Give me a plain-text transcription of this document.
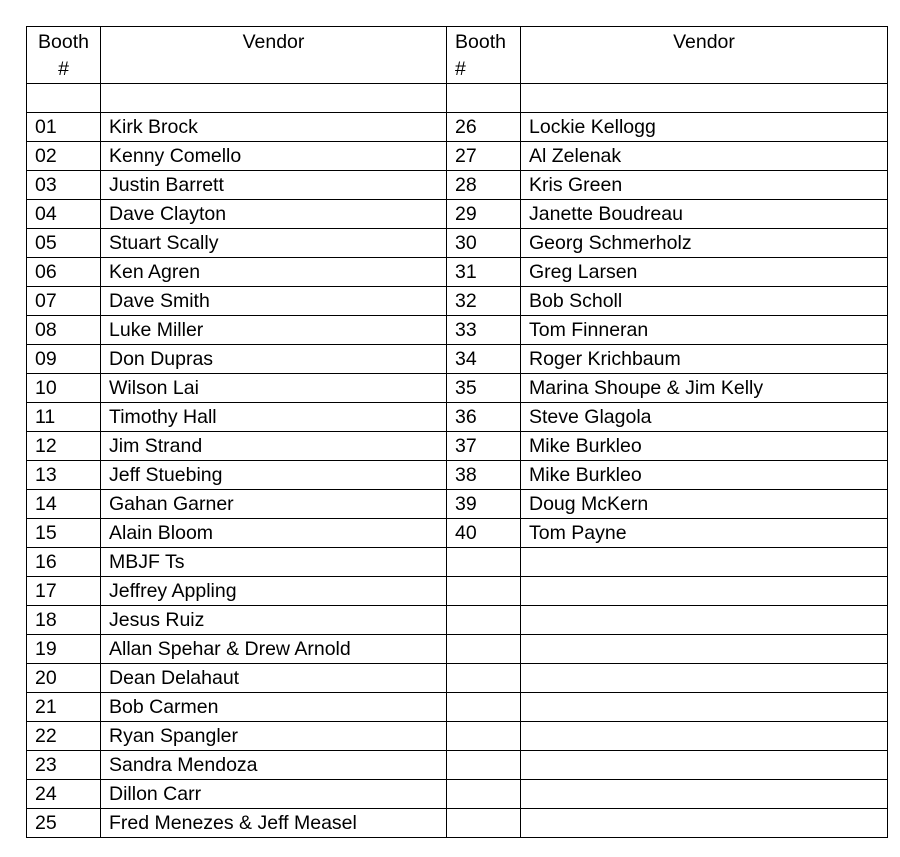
Booth #	Vendor	Booth #	Vendor

01	Kirk Brock	26	Lockie Kellogg
02	Kenny Comello	27	Al Zelenak
03	Justin Barrett	28	Kris Green
04	Dave Clayton	29	Janette Boudreau
05	Stuart Scally	30	Georg Schmerholz
06	Ken Agren	31	Greg Larsen
07	Dave Smith	32	Bob Scholl
08	Luke Miller	33	Tom Finneran
09	Don Dupras	34	Roger Krichbaum
10	Wilson Lai	35	Marina Shoupe & Jim Kelly
11	Timothy Hall	36	Steve Glagola
12	Jim Strand	37	Mike Burkleo
13	Jeff Stuebing	38	Mike Burkleo
14	Gahan Garner	39	Doug McKern
15	Alain Bloom	40	Tom Payne
16	MBJF Ts		
17	Jeffrey Appling		
18	Jesus Ruiz		
19	Allan Spehar & Drew Arnold		
20	Dean Delahaut		
21	Bob Carmen		
22	Ryan Spangler		
23	Sandra Mendoza		
24	Dillon Carr		
25	Fred Menezes & Jeff Measel		
